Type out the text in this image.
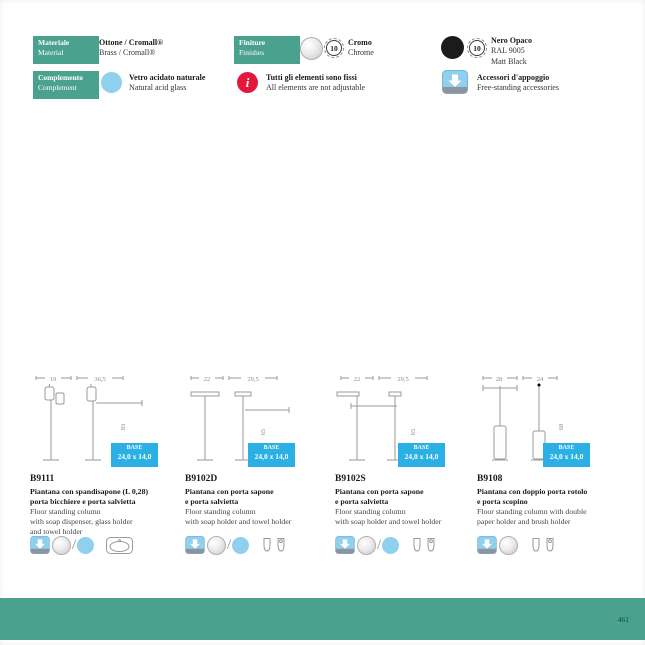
Materiale
Material
Ottone / Cromall®
Brass / Cromall®
Complemento
Complement
Vetro acidato naturale
Natural acid glass
Finiture
Finishes
10
Cromo
Chrome
i	Tutti gli elementi sono fissi
All elements are not adjustable
10
Nero Opaco
RAL 9005
Matt Black
Accessori d'appoggio
Free-standing accessories
19	36,5
83
BASE
24,0 x 14,0
B9111
Piantana con spandisapone (L 0,28)
porta bicchiere e porta salvietta
Floor standing column
with soap dispenser, glass holder
and towel holder
/
22	29,5
65
BASE
24,0 x 14,0
B9102D
Piantana con porta sapone
e porta salvietta
Floor standing column
with soap holder and towel holder
/
22	29,5
65
BASE
24,0 x 14,0
B9102S
Piantana con porta sapone
e porta salvietta
Floor standing column
with soap holder and towel holder
/
28	24
68
BASE
24,0 x 14,0
B9108
Piantana con doppio porta rotolo
e porta scopino
Floor standing column with double
paper holder and brush holder
461
